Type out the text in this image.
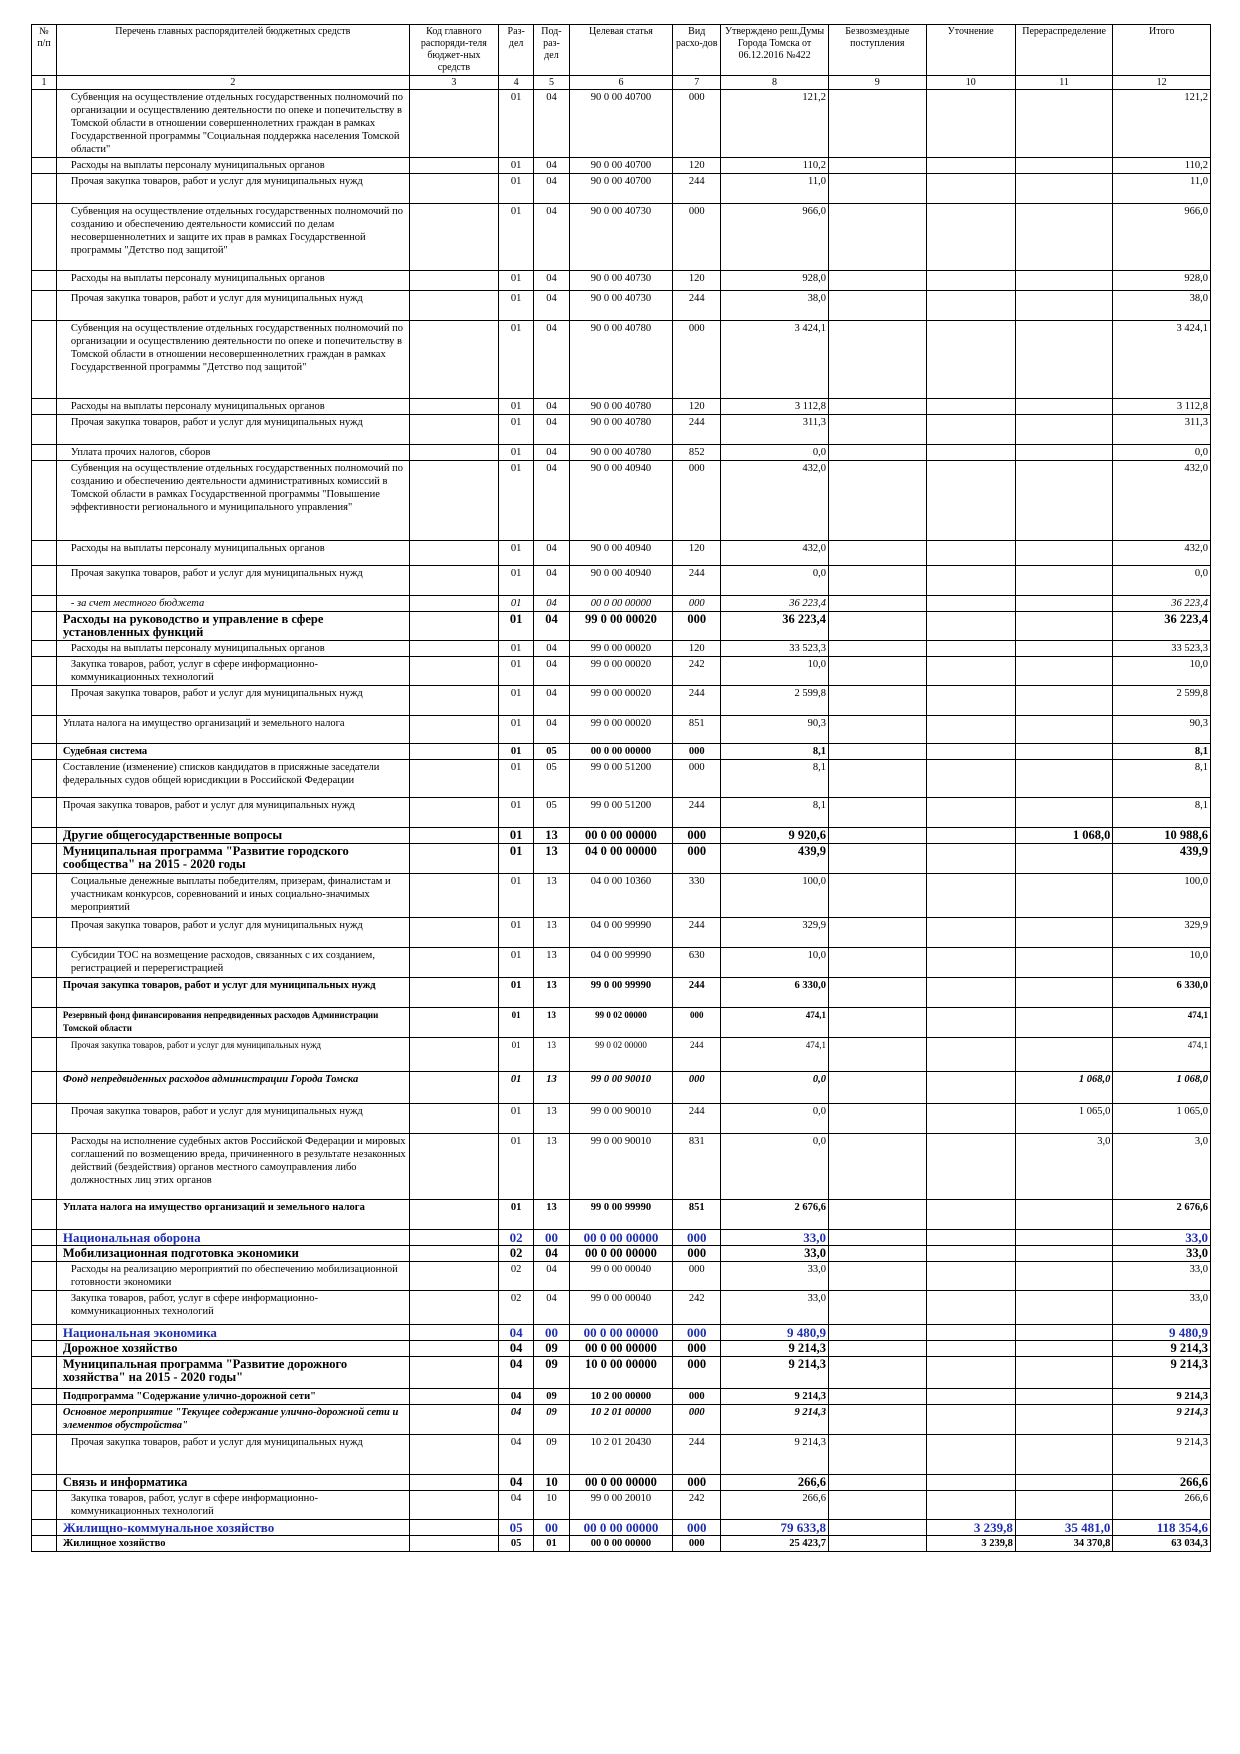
№ п/п	Перечень главных распорядителей бюджетных средств	Код главного распоряди-теля бюджет-ных средств	Раз-дел	Под-раз-дел	Целевая статья	Вид расхо-дов	Утверждено реш.Думы Города Томска от 06.12.2016 №422	Безвозмездные поступления	Уточнение	Перераспределение	Итого
1	2	3	4	5	6	7	8	9	10	11	12
	Субвенция на осуществление отдельных государственных полномочий по организации и осуществлению деятельности по опеке и попечительству в Томской области в отношении совершеннолетних граждан в рамках Государственной программы "Социальная поддержка населения Томской области"		01	04	90 0 00 40700	000	121,2				121,2
	Расходы на выплаты персоналу муниципальных органов		01	04	90 0 00 40700	120	110,2				110,2
	Прочая закупка товаров, работ и услуг для муниципальных нужд		01	04	90 0 00 40700	244	11,0				11,0
	Субвенция на осуществление отдельных государственных полномочий по созданию и обеспечению деятельности комиссий по делам несовершеннолетних и защите их прав в рамках Государственной программы "Детство под защитой"		01	04	90 0 00 40730	000	966,0				966,0
	Расходы на выплаты персоналу муниципальных органов		01	04	90 0 00 40730	120	928,0				928,0
	Прочая закупка товаров, работ и услуг для муниципальных нужд		01	04	90 0 00 40730	244	38,0				38,0
	Субвенция на осуществление отдельных государственных полномочий по организации и осуществлению деятельности по опеке и попечительству в Томской области в отношении несовершеннолетних граждан в рамках Государственной программы "Детство под защитой"		01	04	90 0 00 40780	000	3 424,1				3 424,1
	Расходы на выплаты персоналу муниципальных органов		01	04	90 0 00 40780	120	3 112,8				3 112,8
	Прочая закупка товаров, работ и услуг для муниципальных нужд		01	04	90 0 00 40780	244	311,3				311,3
	Уплата прочих налогов, сборов		01	04	90 0 00 40780	852	0,0				0,0
	Субвенция на осуществление отдельных государственных полномочий по созданию и обеспечению деятельности административных комиссий в Томской области в рамках Государственной программы "Повышение эффективности регионального и муниципального управления"		01	04	90 0 00 40940	000	432,0				432,0
	Расходы на выплаты персоналу муниципальных органов		01	04	90 0 00 40940	120	432,0				432,0
	Прочая закупка товаров, работ и услуг для муниципальных нужд		01	04	90 0 00 40940	244	0,0				0,0
	- за счет местного бюджета		01	04	00 0 00 00000	000	36 223,4				36 223,4
	Расходы на руководство и управление в сфере установленных функций		01	04	99 0 00 00020	000	36 223,4				36 223,4
	Расходы на выплаты персоналу муниципальных органов		01	04	99 0 00 00020	120	33 523,3				33 523,3
	Закупка товаров, работ, услуг в сфере информационно-коммуникационных технологий		01	04	99 0 00 00020	242	10,0				10,0
	Прочая закупка товаров, работ и услуг для муниципальных нужд		01	04	99 0 00 00020	244	2 599,8				2 599,8
	Уплата налога на имущество организаций и земельного налога		01	04	99 0 00 00020	851	90,3				90,3
	Судебная система		01	05	00 0 00 00000	000	8,1				8,1
	Составление (изменение) списков кандидатов в присяжные заседатели федеральных судов общей юрисдикции в Российской Федерации		01	05	99 0 00 51200	000	8,1				8,1
	Прочая закупка товаров, работ и услуг для муниципальных нужд		01	05	99 0 00 51200	244	8,1				8,1
	Другие общегосударственные вопросы		01	13	00 0 00 00000	000	9 920,6			1 068,0	10 988,6
	Муниципальная программа "Развитие городского сообщества" на 2015 - 2020 годы		01	13	04 0 00 00000	000	439,9				439,9
	Социальные денежные выплаты победителям, призерам, финалистам и участникам конкурсов, соревнований и иных социально-значимых мероприятий		01	13	04 0 00 10360	330	100,0				100,0
	Прочая закупка товаров, работ и услуг для муниципальных нужд		01	13	04 0 00 99990	244	329,9				329,9
	Субсидии ТОС на возмещение расходов, связанных с их созданием, регистрацией и перерегистрацией		01	13	04 0 00 99990	630	10,0				10,0
	Прочая закупка товаров, работ и услуг для муниципальных нужд		01	13	99 0 00 99990	244	6 330,0				6 330,0
	Резервный фонд финансирования непредвиденных расходов Администрации Томской области		01	13	99 0 02 00000	000	474,1				474,1
	Прочая закупка товаров, работ и услуг для муниципальных нужд		01	13	99 0 02 00000	244	474,1				474,1
	Фонд непредвиденных расходов администрации Города Томска		01	13	99 0 00 90010	000	0,0			1 068,0	1 068,0
	Прочая закупка товаров, работ и услуг для муниципальных нужд		01	13	99 0 00 90010	244	0,0			1 065,0	1 065,0
	Расходы на исполнение судебных актов Российской Федерации и мировых соглашений по возмещению вреда, причиненного в результате незаконных действий (бездействия) органов местного самоуправления либо должностных лиц этих органов		01	13	99 0 00 90010	831	0,0			3,0	3,0
	Уплата налога на имущество организаций и земельного налога		01	13	99 0 00 99990	851	2 676,6				2 676,6
	Национальная оборона		02	00	00 0 00 00000	000	33,0				33,0
	Мобилизационная подготовка экономики		02	04	00 0 00 00000	000	33,0				33,0
	Расходы на реализацию мероприятий по обеспечению мобилизационной готовности экономики		02	04	99 0 00 00040	000	33,0				33,0
	Закупка товаров, работ, услуг в сфере информационно-коммуникационных технологий		02	04	99 0 00 00040	242	33,0				33,0
	Национальная экономика		04	00	00 0 00 00000	000	9 480,9				9 480,9
	Дорожное хозяйство		04	09	00 0 00 00000	000	9 214,3				9 214,3
	Муниципальная программа "Развитие дорожного хозяйства" на 2015 - 2020 годы"		04	09	10 0 00 00000	000	9 214,3				9 214,3
	Подпрограмма "Содержание улично-дорожной сети"		04	09	10 2 00 00000	000	9 214,3				9 214,3
	Основное мероприятие "Текущее содержание улично-дорожной сети и элементов обустройства"		04	09	10 2 01 00000	000	9 214,3				9 214,3
	Прочая закупка товаров, работ и услуг для муниципальных нужд		04	09	10 2 01 20430	244	9 214,3				9 214,3
	Связь и информатика		04	10	00 0 00 00000	000	266,6				266,6
	Закупка товаров, работ, услуг в сфере информационно-коммуникационных технологий		04	10	99 0 00 20010	242	266,6				266,6
	Жилищно-коммунальное хозяйство		05	00	00 0 00 00000	000	79 633,8		3 239,8	35 481,0	118 354,6
	Жилищное хозяйство		05	01	00 0 00 00000	000	25 423,7		3 239,8	34 370,8	63 034,3
